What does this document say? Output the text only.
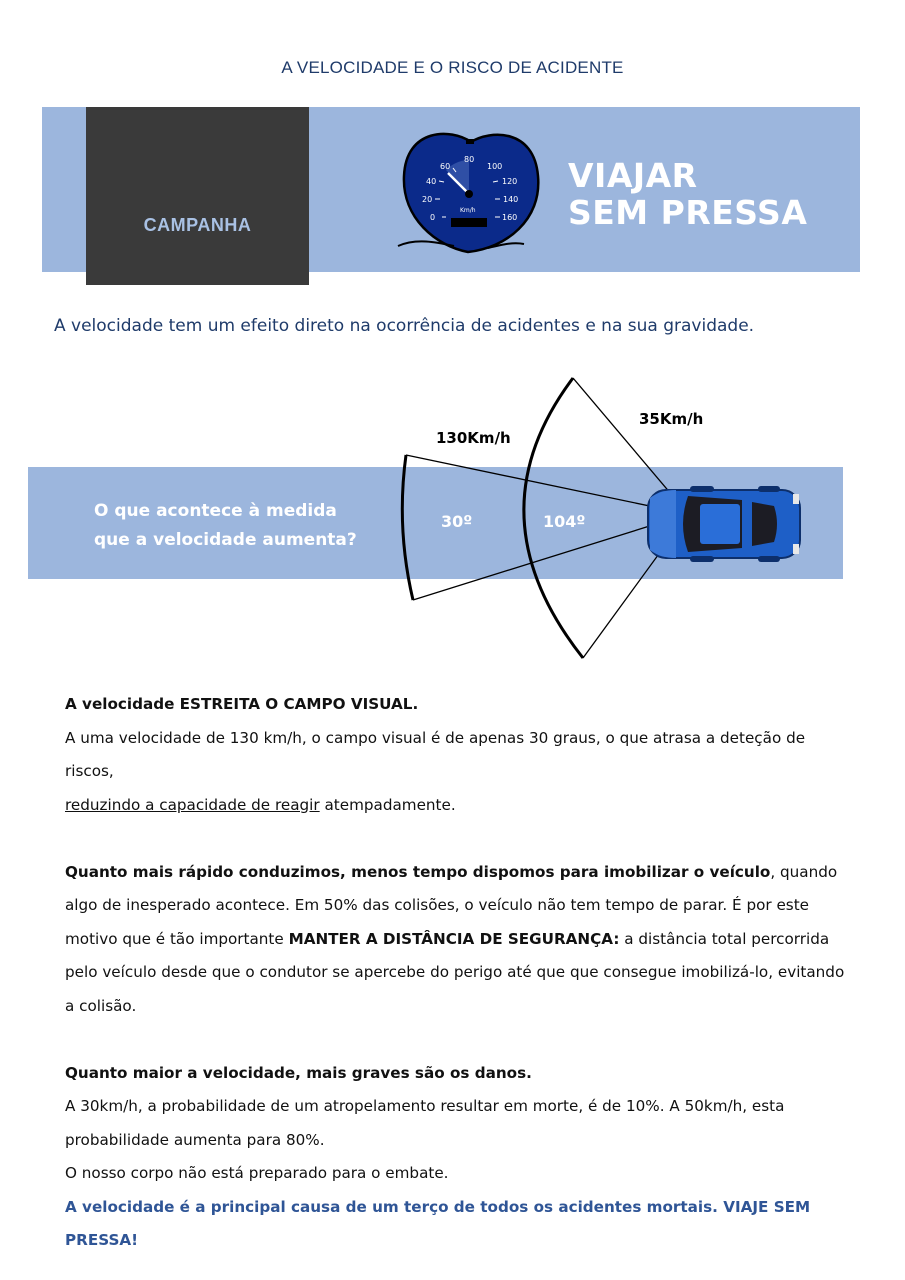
A VELOCIDADE E O RISCO DE ACIDENTE
CAMPANHA	0
20
40
60
80
100
120
140
160
Km/h
VIAJAR
SEM PRESSA
A velocidade tem um efeito direto na ocorrência de acidentes e na sua gravidade.
O que acontece à medida
que a velocidade aumenta?
130Km/h
35Km/h
30º	104º

A velocidade ESTREITA O CAMPO VISUAL.

A uma velocidade de 130 km/h, o campo visual é de apenas 30 graus, o que atrasa a deteção de riscos,
reduzindo a capacidade de reagir atempadamente.

Quanto mais rápido conduzimos, menos tempo dispomos para imobilizar o veículo, quando algo de inesperado acontece. Em 50% das colisões, o veículo não tem tempo de parar. É por este motivo que é tão importante MANTER A DISTÂNCIA DE SEGURANÇA: a distância total percorrida pelo veículo desde que o condutor se apercebe do perigo até que que consegue imobilizá-lo, evitando a colisão.

Quanto maior a velocidade, mais graves são os danos.

A 30km/h, a probabilidade de um atropelamento resultar em morte, é de 10%. A 50km/h, esta probabilidade aumenta para 80%.

O nosso corpo não está preparado para o embate.

A velocidade é a principal causa de um terço de todos os acidentes mortais. VIAJE SEM PRESSA!
